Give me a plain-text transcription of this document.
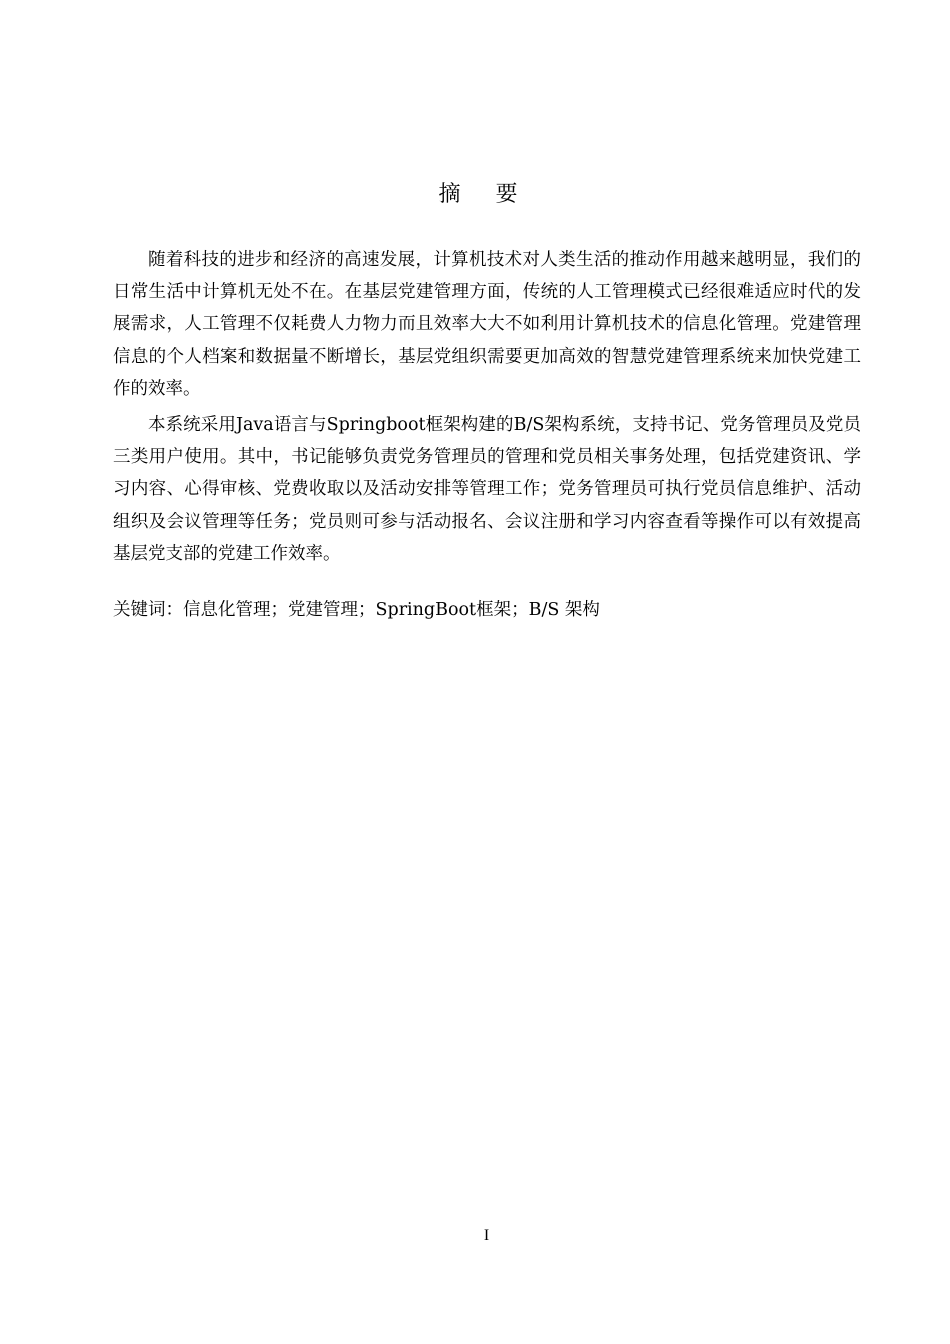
摘 要

随着科技的进步和经济的高速发展，计算机技术对人类生活的推动作用越来越明显，我们的日常生活中计算机无处不在。在基层党建管理方面，传统的人工管理模式已经很难适应时代的发展需求，人工管理不仅耗费人力物力而且效率大大不如利用计算机技术的信息化管理。党建管理信息的个人档案和数据量不断增长，基层党组织需要更加高效的智慧党建管理系统来加快党建工作的效率。

本系统采用Java语言与Springboot框架构建的B/S架构系统，支持书记、党务管理员及党员三类用户使用。其中，书记能够负责党务管理员的管理和党员相关事务处理，包括党建资讯、学习内容、心得审核、党费收取以及活动安排等管理工作；党务管理员可执行党员信息维护、活动组织及会议管理等任务；党员则可参与活动报名、会议注册和学习内容查看等操作可以有效提高基层党支部的党建工作效率。

关键词：信息化管理；党建管理；SpringBoot框架；B/S 架构
I
